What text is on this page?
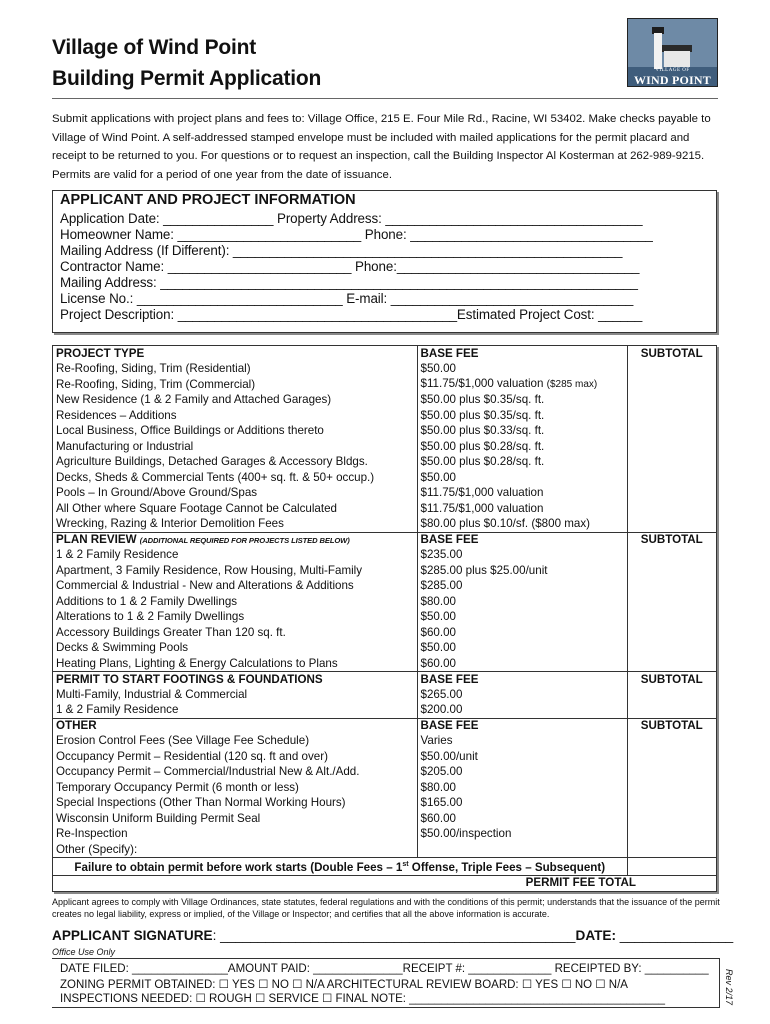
Village of Wind Point
Building Permit Application	VILLAGE OF
WIND POINT
Submit applications with project plans and fees to: Village Office, 215 E. Four Mile Rd., Racine, WI 53402. Make checks payable to Village of Wind Point. A self-addressed stamped envelope must be included with mailed applications for the permit placard and receipt to be returned to you. For questions or to request an inspection, call the Building Inspector Al Kosterman at 262-989-9215. Permits are valid for a period of one year from the date of issuance.
APPLICANT AND PROJECT INFORMATION
Application Date: _______________ Property Address: ___________________________________
Homeowner Name: _________________________ Phone: _________________________________
Mailing Address (If Different): _____________________________________________________
Contractor Name: _________________________ Phone:_________________________________
Mailing Address: _________________________________________________________________
License No.: ____________________________ E-mail: _________________________________
Project Description: ______________________________________Estimated Project Cost: ______
PROJECT TYPE	BASE FEE	SUBTOTAL
Re-Roofing, Siding, Trim (Residential)	$50.00	
Re-Roofing, Siding, Trim (Commercial)	$11.75/$1,000 valuation ($285 max)	
New Residence (1 & 2 Family and Attached Garages)	$50.00 plus $0.35/sq. ft.	
Residences – Additions	$50.00 plus $0.35/sq. ft.	
Local Business, Office Buildings or Additions thereto	$50.00 plus $0.33/sq. ft.	
Manufacturing or Industrial	$50.00 plus $0.28/sq. ft.	
Agriculture Buildings, Detached Garages & Accessory Bldgs.	$50.00 plus $0.28/sq. ft.	
Decks, Sheds & Commercial Tents (400+ sq. ft. & 50+ occup.)	$50.00	
Pools – In Ground/Above Ground/Spas	$11.75/$1,000 valuation	
All Other where Square Footage Cannot be Calculated	$11.75/$1,000 valuation	
Wrecking, Razing & Interior Demolition Fees	$80.00 plus $0.10/sf. ($800 max)	
PLAN REVIEW (ADDITIONAL REQUIRED FOR PROJECTS LISTED BELOW)	BASE FEE	SUBTOTAL
1 & 2 Family Residence	$235.00	
Apartment, 3 Family Residence, Row Housing, Multi-Family	$285.00 plus $25.00/unit	
Commercial & Industrial - New and Alterations & Additions	$285.00	
Additions to 1 & 2 Family Dwellings	$80.00	
Alterations to 1 & 2 Family Dwellings	$50.00	
Accessory Buildings Greater Than 120 sq. ft.	$60.00	
Decks & Swimming Pools	$50.00	
Heating Plans, Lighting & Energy Calculations to Plans	$60.00	
PERMIT TO START FOOTINGS & FOUNDATIONS	BASE FEE	SUBTOTAL
Multi-Family, Industrial & Commercial	$265.00	
1 & 2 Family Residence	$200.00	
OTHER	BASE FEE	SUBTOTAL
Erosion Control Fees (See Village Fee Schedule)	Varies	
Occupancy Permit – Residential (120 sq. ft and over)	$50.00/unit	
Occupancy Permit – Commercial/Industrial New & Alt./Add.	$205.00	
Temporary Occupancy Permit (6 month or less)	$80.00	
Special Inspections (Other Than Normal Working Hours)	$165.00	
Wisconsin Uniform Building Permit Seal	$60.00	
Re-Inspection	$50.00/inspection	
Other (Specify):		
Failure to obtain permit before work starts (Double Fees – 1st Offense, Triple Fees – Subsequent)		

PERMIT FEE TOTAL		
Applicant agrees to comply with Village Ordinances, state statutes, federal regulations and with the conditions of this permit; understands that the issuance of the permit creates no legal liability, express or implied, of the Village or Inspector; and certifies that all the above information is accurate.
APPLICANT SIGNATURE: _______________________________________________DATE: _______________
Office Use Only
DATE FILED: _______________AMOUNT PAID: ______________RECEIPT #: _____________ RECEIPTED BY: __________
ZONING PERMIT OBTAINED: ☐ YES ☐ NO ☐ N/A ARCHITECTURAL REVIEW BOARD: ☐ YES ☐ NO ☐ N/A
INSPECTIONS NEEDED: ☐ ROUGH ☐ SERVICE ☐ FINAL NOTE: ________________________________________	Rev 2/17
